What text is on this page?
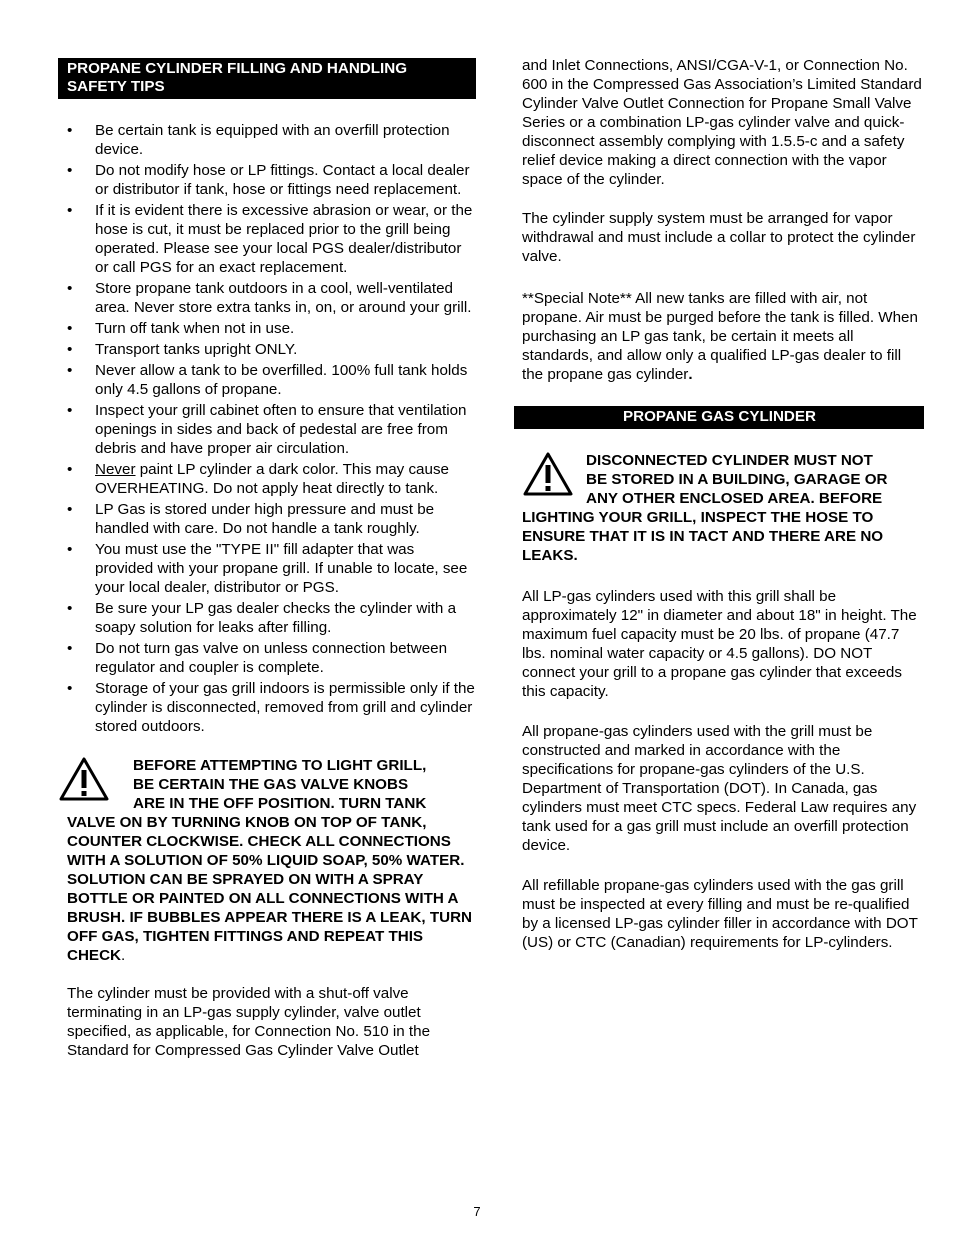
PROPANE CYLINDER FILLING AND HANDLING SAFETY TIPS
• Be certain tank is equipped with an overfill protection device.
• Do not modify hose or LP fittings. Contact a local dealer or distributor if tank, hose or fittings need replacement.
• If it is evident there is excessive abrasion or wear, or the hose is cut, it must be replaced prior to the grill being operated. Please see your local PGS dealer/distributor or call PGS for an exact replacement.
• Store propane tank outdoors in a cool, well-ventilated area. Never store extra tanks in, on, or around your grill.
• Turn off tank when not in use.
• Transport tanks upright ONLY.
• Never allow a tank to be overfilled. 100% full tank holds only 4.5 gallons of propane.
• Inspect your grill cabinet often to ensure that ventilation openings in sides and back of pedestal are free from debris and have proper air circulation.
• Never paint LP cylinder a dark color. This may cause OVERHEATING. Do not apply heat directly to tank.
• LP Gas is stored under high pressure and must be handled with care. Do not handle a tank roughly.
• You must use the "TYPE II" fill adapter that was provided with your propane grill. If unable to locate, see your local dealer, distributor or PGS.
• Be sure your LP gas dealer checks the cylinder with a soapy solution for leaks after filling.
• Do not turn gas valve on unless connection between regulator and coupler is complete.
• Storage of your gas grill indoors is permissible only if the cylinder is disconnected, removed from grill and cylinder stored outdoors.
BEFORE ATTEMPTING TO LIGHT GRILL,
BE CERTAIN THE GAS VALVE KNOBS
ARE IN THE OFF POSITION. TURN TANK
VALVE ON BY TURNING KNOB ON TOP OF TANK, COUNTER CLOCKWISE. CHECK ALL CONNECTIONS WITH A SOLUTION OF 50% LIQUID SOAP, 50% WATER. SOLUTION CAN BE SPRAYED ON WITH A SPRAY BOTTLE OR PAINTED ON ALL CONNECTIONS WITH A BRUSH. IF BUBBLES APPEAR THERE IS A LEAK, TURN OFF GAS, TIGHTEN FITTINGS AND REPEAT THIS CHECK.

The cylinder must be provided with a shut-off valve terminating in an LP-gas supply cylinder, valve outlet specified, as applicable, for Connection No. 510 in the Standard for Compressed Gas Cylinder Valve Outlet

and Inlet Connections, ANSI/CGA-V-1, or Connection No. 600 in the Compressed Gas Association’s Limited Standard Cylinder Valve Outlet Connection for Propane Small Valve Series or a combination LP-gas cylinder valve and quick-disconnect assembly complying with 1.5.5-c and a safety relief device making a direct connection with the vapor space of the cylinder.

The cylinder supply system must be arranged for vapor withdrawal and must include a collar to protect the cylinder valve.

**Special Note** All new tanks are filled with air, not propane. Air must be purged before the tank is filled. When purchasing an LP gas tank, be certain it meets all standards, and allow only a qualified LP-gas dealer to fill the propane gas cylinder.

PROPANE GAS CYLINDER
DISCONNECTED CYLINDER MUST NOT
BE STORED IN A BUILDING, GARAGE OR
ANY OTHER ENCLOSED AREA. BEFORE
LIGHTING YOUR GRILL, INSPECT THE HOSE TO ENSURE THAT IT IS IN TACT AND THERE ARE NO LEAKS.

All LP-gas cylinders used with this grill shall be approximately 12" in diameter and about 18" in height. The maximum fuel capacity must be 20 lbs. of propane (47.7 lbs. nominal water capacity or 4.5 gallons). DO NOT connect your grill to a propane gas cylinder that exceeds this capacity.

All propane-gas cylinders used with the grill must be constructed and marked in accordance with the specifications for propane-gas cylinders of the U.S. Department of Transportation (DOT). In Canada, gas cylinders must meet CTC specs. Federal Law requires any tank used for a gas grill must include an overfill protection device.

All refillable propane-gas cylinders used with the gas grill must be inspected at every filling and must be re-qualified by a licensed LP-gas cylinder filler in accordance with DOT (US) or CTC (Canadian) requirements for LP-cylinders.

7
